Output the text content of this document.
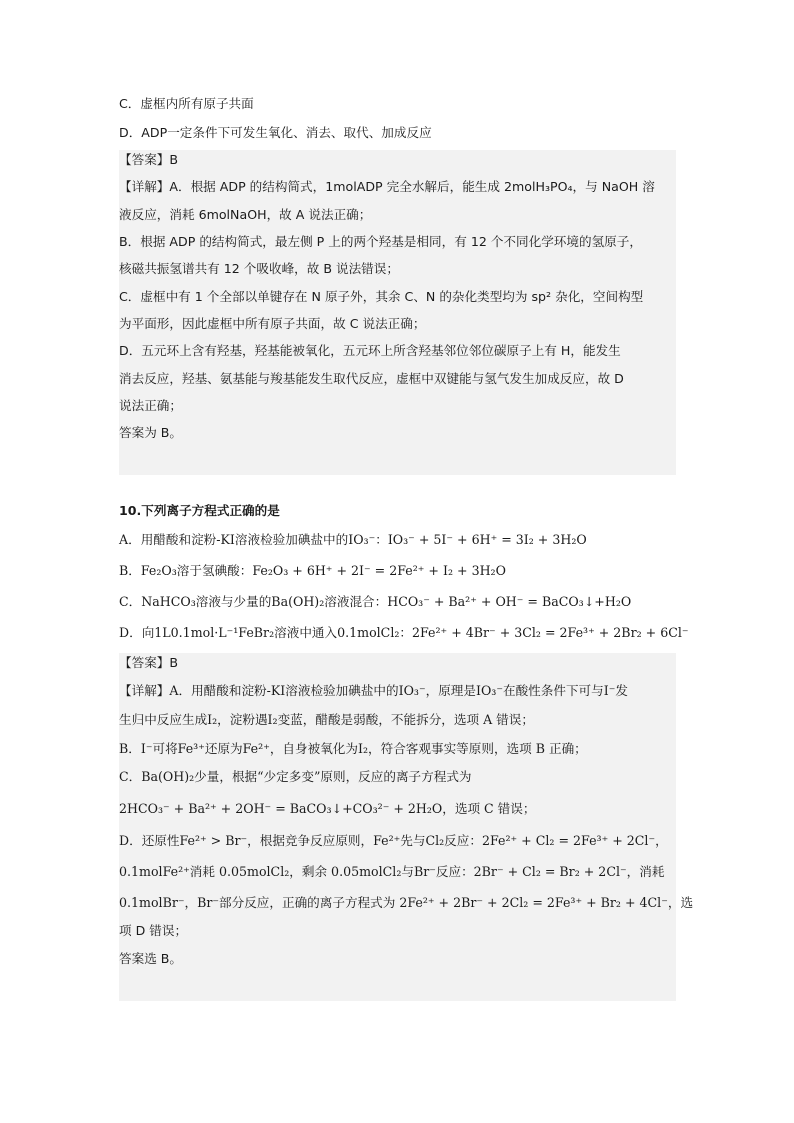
C．虚框内所有原子共面
D．ADP一定条件下可发生氧化、消去、取代、加成反应
【答案】B
【详解】A．根据 ADP 的结构简式，1molADP 完全水解后，能生成 2molH₃PO₄，与 NaOH 溶
液反应，消耗 6molNaOH，故 A 说法正确；
B．根据 ADP 的结构简式，最左侧 P 上的两个羟基是相同，有 12 个不同化学环境的氢原子，
核磁共振氢谱共有 12 个吸收峰，故 B 说法错误；
C．虚框中有 1 个全部以单键存在 N 原子外，其余 C、N 的杂化类型均为 sp² 杂化，空间构型
为平面形，因此虚框中所有原子共面，故 C 说法正确；
D．五元环上含有羟基，羟基能被氧化，五元环上所含羟基邻位邻位碳原子上有 H，能发生
消去反应，羟基、氨基能与羧基能发生取代反应，虚框中双键能与氢气发生加成反应，故 D
说法正确；
答案为 B。
10.下列离子方程式正确的是
A．用醋酸和淀粉-KI溶液检验加碘盐中的IO₃⁻：IO₃⁻ + 5I⁻ + 6H⁺ = 3I₂ + 3H₂O
B．Fe₂O₃溶于氢碘酸：Fe₂O₃ + 6H⁺ + 2I⁻ = 2Fe²⁺ + I₂ + 3H₂O
C．NaHCO₃溶液与少量的Ba(OH)₂溶液混合：HCO₃⁻ + Ba²⁺ + OH⁻ = BaCO₃↓+H₂O
D．向1L0.1mol·L⁻¹FeBr₂溶液中通入0.1molCl₂：2Fe²⁺ + 4Br⁻ + 3Cl₂ = 2Fe³⁺ + 2Br₂ + 6Cl⁻
【答案】B
【详解】A．用醋酸和淀粉-KI溶液检验加碘盐中的IO₃⁻，原理是IO₃⁻在酸性条件下可与I⁻发
生归中反应生成I₂，淀粉遇I₂变蓝，醋酸是弱酸，不能拆分，选项 A 错误；
B．I⁻可将Fe³⁺还原为Fe²⁺，自身被氧化为I₂，符合客观事实等原则，选项 B 正确；
C．Ba(OH)₂少量，根据“少定多变”原则，反应的离子方程式为
2HCO₃⁻ + Ba²⁺ + 2OH⁻ = BaCO₃↓+CO₃²⁻ + 2H₂O，选项 C 错误；
D．还原性Fe²⁺ > Br⁻，根据竞争反应原则，Fe²⁺先与Cl₂反应：2Fe²⁺ + Cl₂ = 2Fe³⁺ + 2Cl⁻，
0.1molFe²⁺消耗 0.05molCl₂，剩余 0.05molCl₂与Br⁻反应：2Br⁻ + Cl₂ = Br₂ + 2Cl⁻，消耗
0.1molBr⁻，Br⁻部分反应，正确的离子方程式为 2Fe²⁺ + 2Br⁻ + 2Cl₂ = 2Fe³⁺ + Br₂ + 4Cl⁻，选
项 D 错误；
答案选 B。
